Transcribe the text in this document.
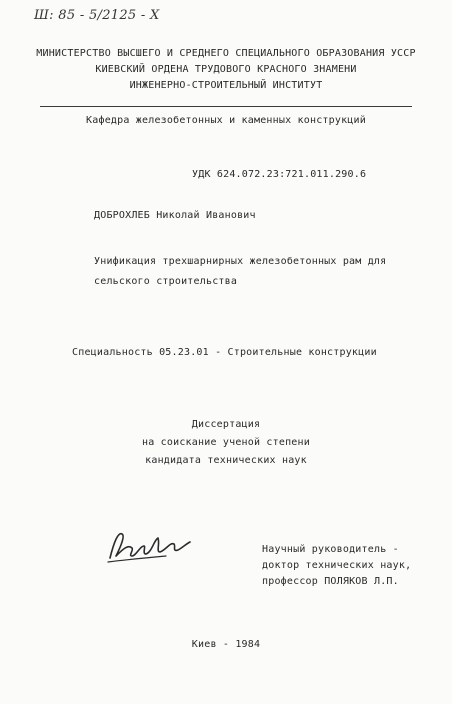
Ш: 85 - 5/2125 - Х
МИНИСТЕРСТВО ВЫСШЕГО И СРЕДНЕГО СПЕЦИАЛЬНОГО ОБРАЗОВАНИЯ УССР
КИЕВСКИЙ ОРДЕНА ТРУДОВОГО КРАСНОГО ЗНАМЕНИ
ИНЖЕНЕРНО-СТРОИТЕЛЬНЫЙ ИНСТИТУТ
Кафедра железобетонных и каменных конструкций
УДК 624.072.23:721.011.290.6
ДОБРОХЛЕБ Николай Иванович
Унификация трехшарнирных железобетонных рам для
сельского строительства
Специальность 05.23.01 - Строительные конструкции
Диссертация
на соискание ученой степени
кандидата технических наук
Научный руководитель -
доктор технических наук,
профессор ПОЛЯКОВ Л.П.
Киев - 1984
